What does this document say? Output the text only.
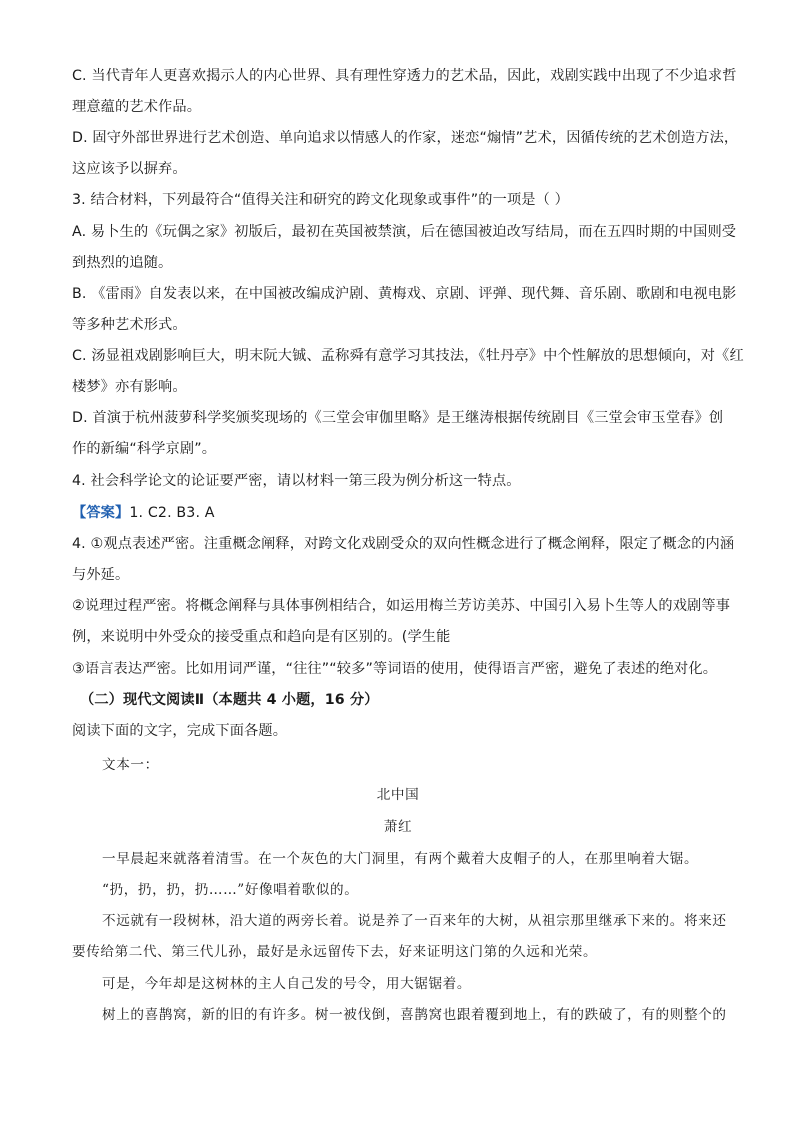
C. 当代青年人更喜欢揭示人的内心世界、具有理性穿透力的艺术品，因此，戏剧实践中出现了不少追求哲
理意蕴的艺术作品。
D. 固守外部世界进行艺术创造、单向追求以情感人的作家，迷恋“煽情”艺术，因循传统的艺术创造方法，
这应该予以摒弃。
3. 结合材料，下列最符合“值得关注和研究的跨文化现象或事件”的一项是（ ）
A. 易卜生的《玩偶之家》初版后，最初在英国被禁演，后在德国被迫改写结局，而在五四时期的中国则受
到热烈的追随。
B. 《雷雨》自发表以来，在中国被改编成沪剧、黄梅戏、京剧、评弹、现代舞、音乐剧、歌剧和电视电影
等多种艺术形式。
C. 汤显祖戏剧影响巨大，明末阮大铖、孟称舜有意学习其技法，《牡丹亭》中个性解放的思想倾向，对《红
楼梦》亦有影响。
D. 首演于杭州菠萝科学奖颁奖现场的《三堂会审伽里略》是王继涛根据传统剧目《三堂会审玉堂春》创
作的新编“科学京剧”。
4. 社会科学论文的论证要严密，请以材料一第三段为例分析这一特点。
【答案】1. C2. B3. A
4. ①观点表述严密。注重概念阐释，对跨文化戏剧受众的双向性概念进行了概念阐释，限定了概念的内涵
与外延。
②说理过程严密。将概念阐释与具体事例相结合，如运用梅兰芳访美苏、中国引入易卜生等人的戏剧等事
例，来说明中外受众的接受重点和趋向是有区别的。(学生能
③语言表达严密。比如用词严谨，“往往”“较多”等词语的使用，使得语言严密，避免了表述的绝对化。
（二）现代文阅读Ⅱ（本题共 4 小题，16 分）
阅读下面的文字，完成下面各题。
文本一：
北中国
萧红
一早晨起来就落着清雪。在一个灰色的大门洞里，有两个戴着大皮帽子的人，在那里响着大锯。
“扔，扔，扔，扔……”好像唱着歌似的。
不远就有一段树林，沿大道的两旁长着。说是养了一百来年的大树，从祖宗那里继承下来的。将来还
要传给第二代、第三代儿孙，最好是永远留传下去，好来证明这门第的久远和光荣。
可是，今年却是这树林的主人自己发的号令，用大锯锯着。
树上的喜鹊窝，新的旧的有许多。树一被伐倒，喜鹊窝也跟着覆到地上，有的跌破了，有的则整个的
